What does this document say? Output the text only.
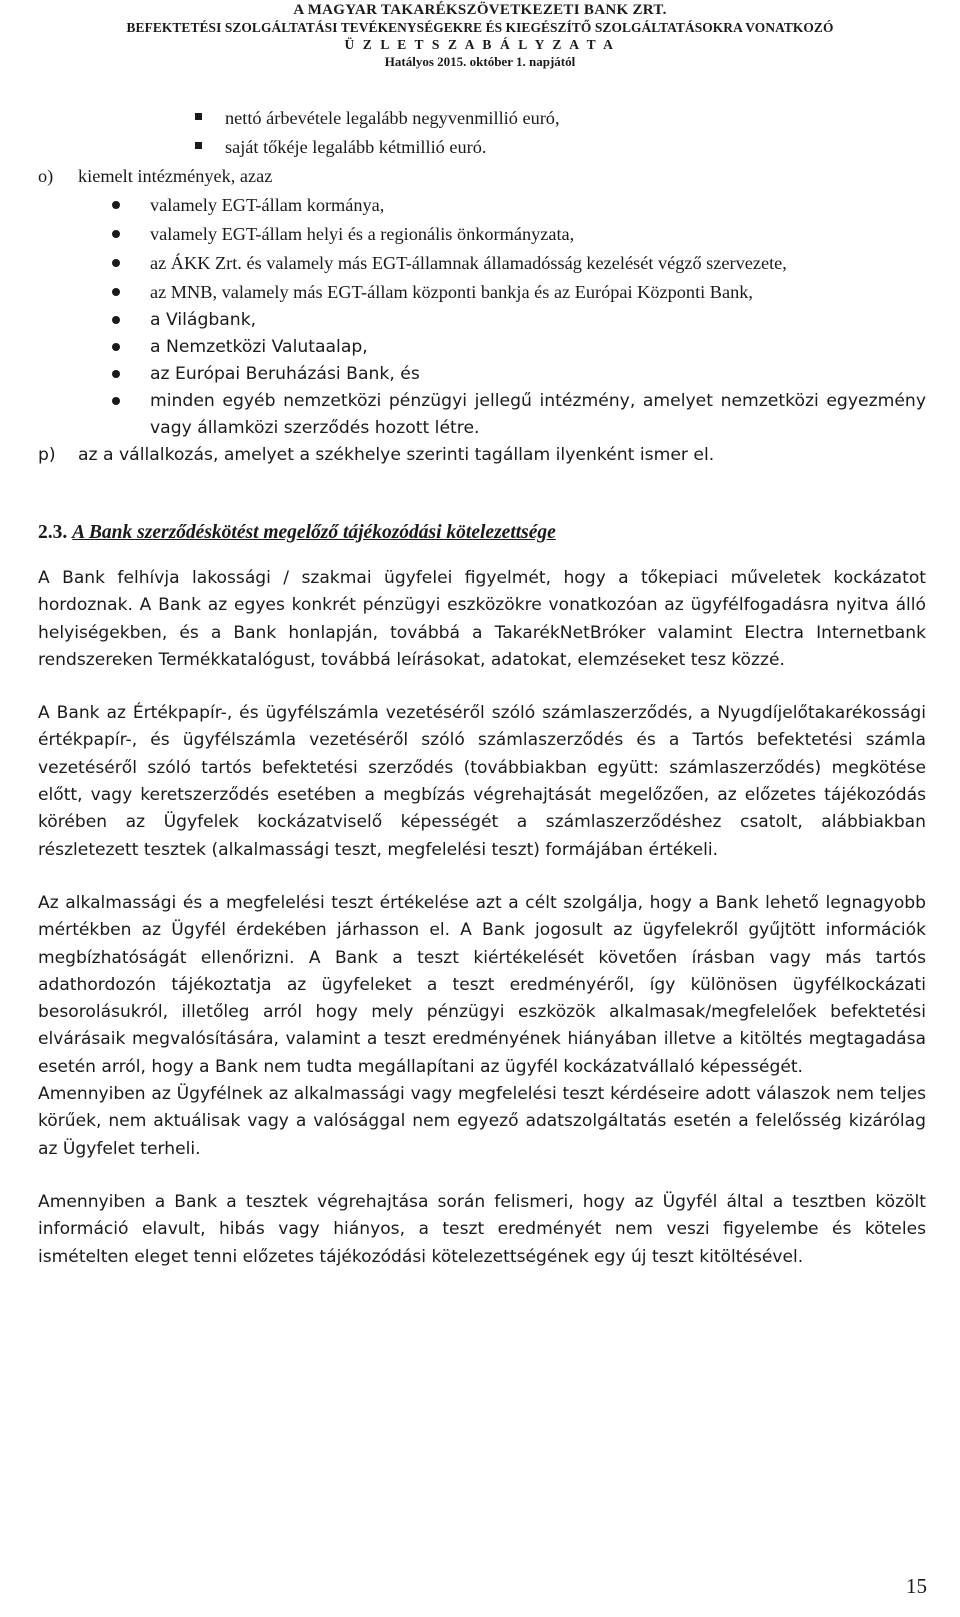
A MAGYAR TAKARÉKSZÖVETKEZETI BANK ZRT.
BEFEKTETÉSI SZOLGÁLTATÁSI TEVÉKENYSÉGEKRE ÉS KIEGÉSZÍTŐ SZOLGÁLTATÁSOKRA VONATKOZÓ
Ü Z L E T S Z A B Á L Y Z A T A
Hatályos 2015. október 1. napjától
nettó árbevétele legalább negyvenmillió euró,
saját tőkéje legalább kétmillió euró.
o) kiemelt intézmények, azaz
valamely EGT-állam kormánya,
valamely EGT-állam helyi és a regionális önkormányzata,
az ÁKK Zrt. és valamely más EGT-államnak államadósság kezelését végző szervezete,
az MNB, valamely más EGT-állam központi bankja és az Európai Központi Bank,
a Világbank,
a Nemzetközi Valutaalap,
az Európai Beruházási Bank, és
minden egyéb nemzetközi pénzügyi jellegű intézmény, amelyet nemzetközi egyezmény vagy államközi szerződés hozott létre.
p) az a vállalkozás, amelyet a székhelye szerinti tagállam ilyenként ismer el.
2.3. A Bank szerződéskötést megelőző tájékozódási kötelezettsége

A Bank felhívja lakossági / szakmai ügyfelei figyelmét, hogy a tőkepiaci műveletek kockázatot hordoznak. A Bank az egyes konkrét pénzügyi eszközökre vonatkozóan az ügyfélfogadásra nyitva álló helyiségekben, és a Bank honlapján, továbbá a TakarékNetBróker valamint Electra Internetbank rendszereken Termékkatalógust, továbbá leírásokat, adatokat, elemzéseket tesz közzé.

A Bank az Értékpapír-, és ügyfélszámla vezetéséről szóló számlaszerződés, a Nyugdíjelőtakarékossági értékpapír-, és ügyfélszámla vezetéséről szóló számlaszerződés és a Tartós befektetési számla vezetéséről szóló tartós befektetési szerződés (továbbiakban együtt: számlaszerződés) megkötése előtt, vagy keretszerződés esetében a megbízás végrehajtását megelőzően, az előzetes tájékozódás körében az Ügyfelek kockázatviselő képességét a számlaszerződéshez csatolt, alábbiakban részletezett tesztek (alkalmassági teszt, megfelelési teszt) formájában értékeli.

Az alkalmassági és a megfelelési teszt értékelése azt a célt szolgálja, hogy a Bank lehető legnagyobb mértékben az Ügyfél érdekében járhasson el. A Bank jogosult az ügyfelekről gyűjtött információk megbízhatóságát ellenőrizni. A Bank a teszt kiértékelését követően írásban vagy más tartós adathordozón tájékoztatja az ügyfeleket a teszt eredményéről, így különösen ügyfélkockázati besorolásukról, illetőleg arról hogy mely pénzügyi eszközök alkalmasak/megfelelőek befektetési elvárásaik megvalósítására, valamint a teszt eredményének hiányában illetve a kitöltés megtagadása esetén arról, hogy a Bank nem tudta megállapítani az ügyfél kockázatvállaló képességét.

Amennyiben az Ügyfélnek az alkalmassági vagy megfelelési teszt kérdéseire adott válaszok nem teljes körűek, nem aktuálisak vagy a valósággal nem egyező adatszolgáltatás esetén a felelősség kizárólag az Ügyfelet terheli.

Amennyiben a Bank a tesztek végrehajtása során felismeri, hogy az Ügyfél által a tesztben közölt információ elavult, hibás vagy hiányos, a teszt eredményét nem veszi figyelembe és köteles ismételten eleget tenni előzetes tájékozódási kötelezettségének egy új teszt kitöltésével.

15
